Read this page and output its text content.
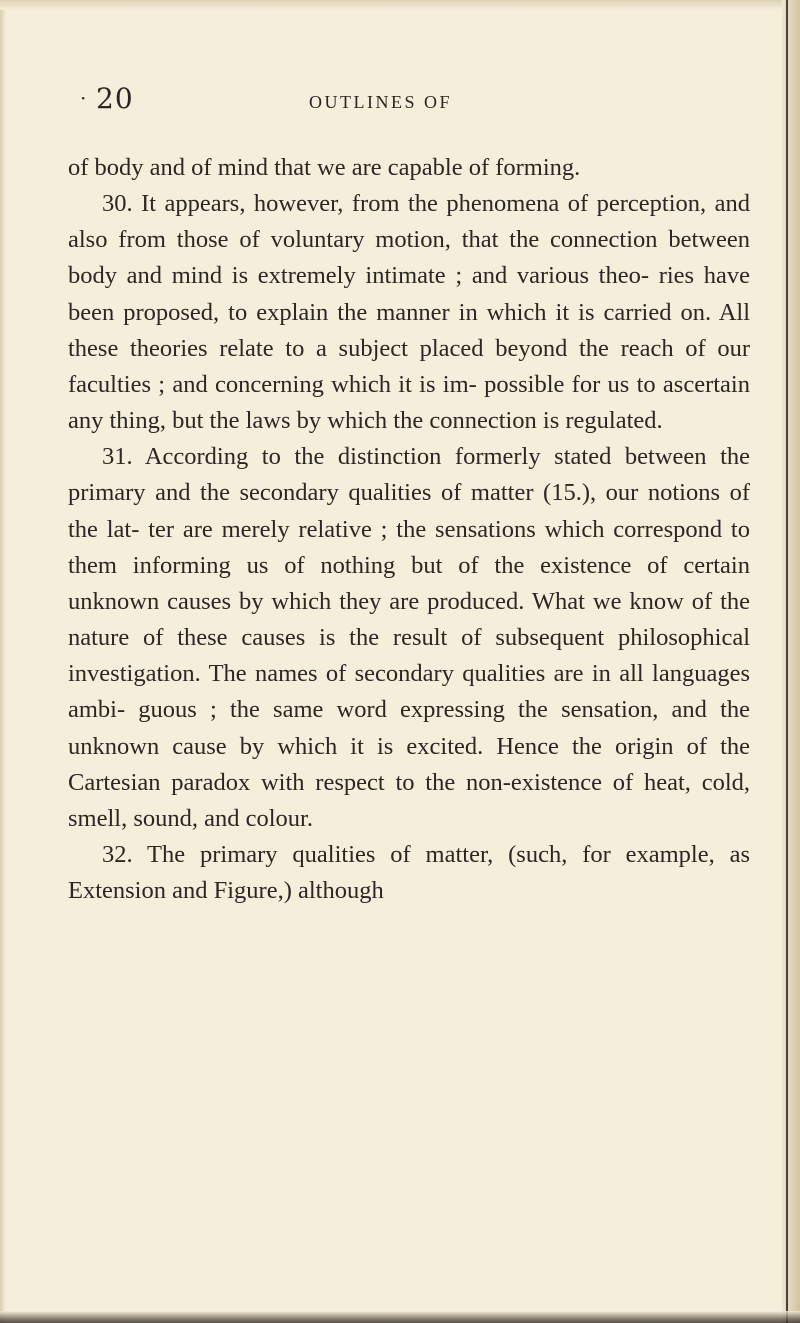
· 20	OUTLINES OF

of body and of mind that we are capable of forming.

30. It appears, however, from the phenomena of perception, and also from those of voluntary motion, that the connection between body and mind is extremely intimate ; and various theo- ries have been proposed, to explain the manner in which it is carried on. All these theories relate to a subject placed beyond the reach of our faculties ; and concerning which it is im- possible for us to ascertain any thing, but the laws by which the connection is regulated.

31. According to the distinction formerly stated between the primary and the secondary qualities of matter (15.), our notions of the lat- ter are merely relative ; the sensations which correspond to them informing us of nothing but of the existence of certain unknown causes by which they are produced. What we know of the nature of these causes is the result of subsequent philosophical investigation. The names of secondary qualities are in all languages ambi- guous ; the same word expressing the sensation, and the unknown cause by which it is excited. Hence the origin of the Cartesian paradox with respect to the non-existence of heat, cold, smell, sound, and colour.

32. The primary qualities of matter, (such, for example, as Extension and Figure,) although
